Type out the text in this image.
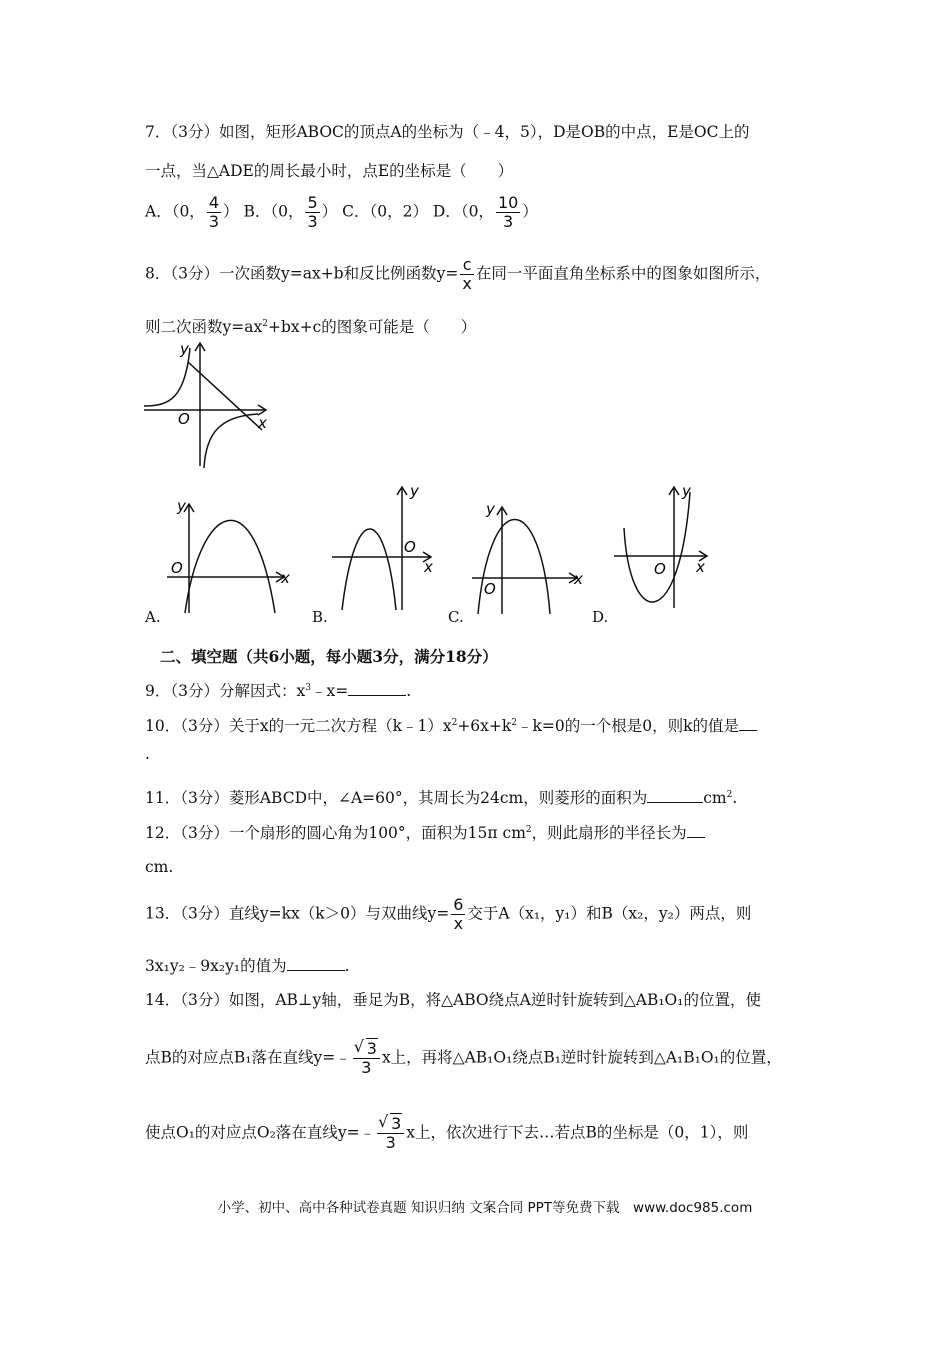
7．（3分）如图，矩形ABOC的顶点A的坐标为（﹣4，5），D是OB的中点，E是OC上的
一点，当△ADE的周长最小时，点E的坐标是（　　）
A．（0， $\frac{4}{3}$ ） B．（0， $\frac{5}{3}$ ） C．（0，2） D．（0， $\frac{10}{3}$ ）
8．（3分）一次函数y=ax+b和反比例函数$y= \frac{c}{x}$ 在同一平面直角坐标系中的图象如图所示，
则二次函数$y=ax^2+bx+c$的图象可能是（　　）
O
y
x
O
y
x
O
y
x
O
y
x
O
y
x
A.	B.	C.	D.
二、填空题（共6小题，每小题3分，满分18分）
9．（3分）分解因式：$x^3﹣x=$	.
10．（3分）关于x的一元二次方程$(k﹣1)x^2+6x+k^2﹣k=0$的一个根是0，则k的值是
.
11．（3分）菱形ABCD中，∠A=60°，其周长为24cm，则菱形的面积为	$cm^2$.
12．（3分）一个扇形的圆心角为100°，面积为15π $cm^2$，则此扇形的半径长为
cm.
13．（3分）直线y=kx（k＞0）与双曲线$y= \frac{6}{x}$ 交于A（x₁，y₁）和B（x₂，y₂）两点，则
3x₁y₂﹣9x₂y₁的值为	.
14．（3分）如图，AB⊥y轴，垂足为B，将△ABO绕点A逆时针旋转到△AB₁O₁的位置，使
点B的对应点B₁落在直线y=﹣ √ $\frac{3}{3}$ x上，再将△AB₁O₁绕点B₁逆时针旋转到△A₁B₁O₁的位置，
使点O₁的对应点O₂落在直线y=﹣ √ $\frac{3}{3}$ x上，依次进行下去…若点B的坐标是（0，1），则
小学、初中、高中各种试卷真题 知识归纳 文案合同 PPT等免费下载　www.doc985.com
